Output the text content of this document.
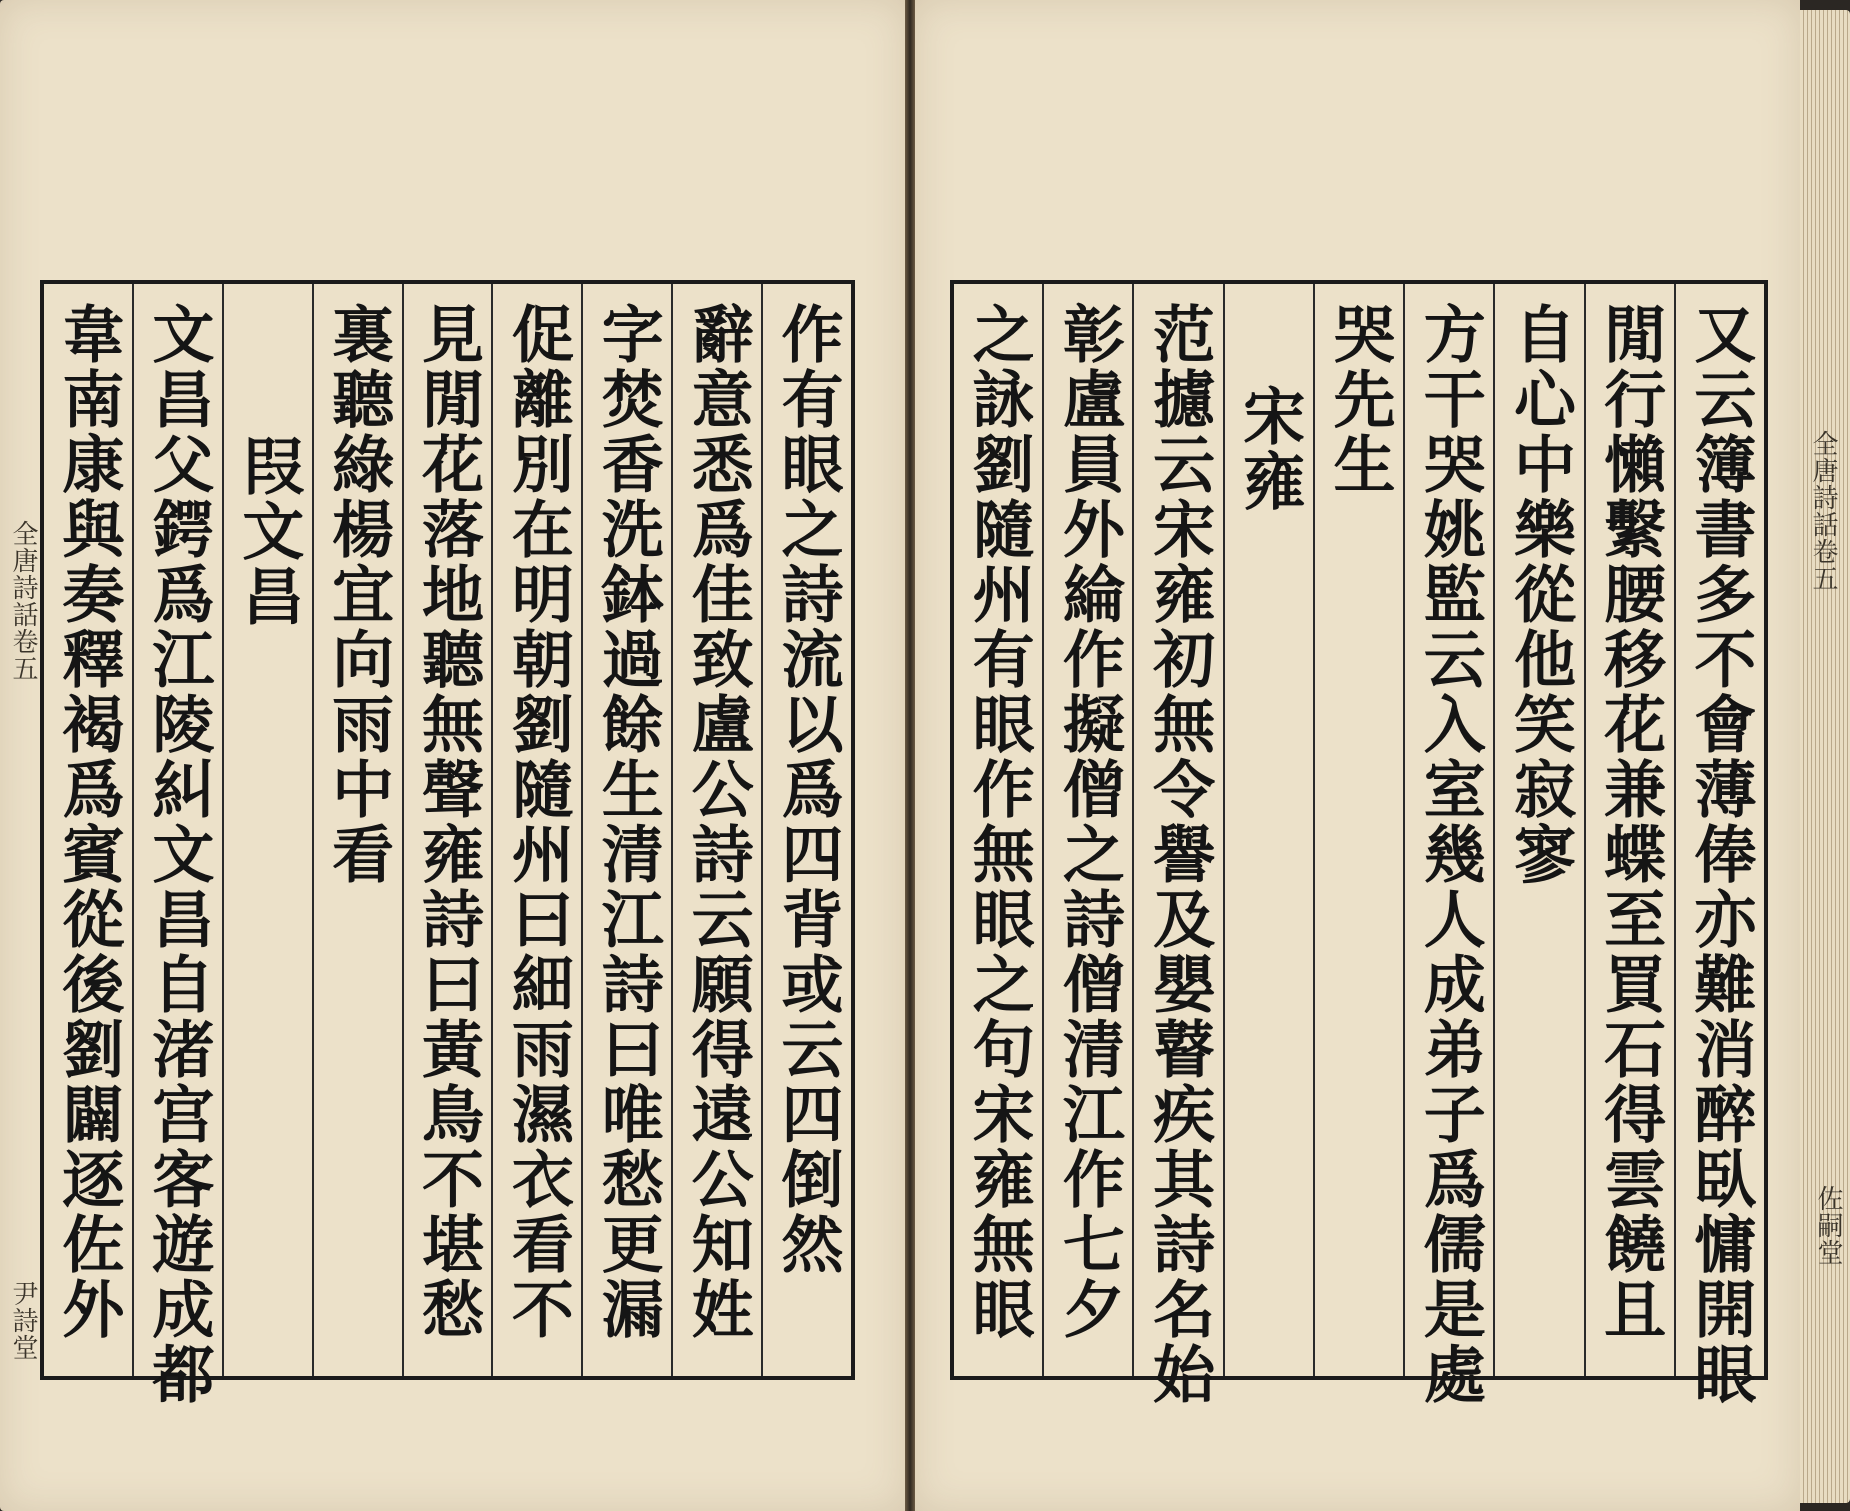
作有眼之詩流以爲四背或云四倒然
辭意悉爲佳致盧公詩云願得遠公知姓
字焚香洗鉢過餘生清江詩曰唯愁更漏
促離別在明朝劉隨州曰細雨濕衣看不
見閒花落地聽無聲雍詩曰黃鳥不堪愁
裏聽綠楊宜向雨中看
叚文昌
文昌父鍔爲江陵糾文昌自渚宫客遊成都
韋南康與奏釋褐爲賓從後劉闢逐佐外
全唐詩話卷五
尹詩堂	又云簿書多不會薄俸亦難消醉臥慵開眼
閒行懶繫腰移花兼蝶至買石得雲饒且
自心中樂從他笑寂寥
方干哭姚監云入室幾人成弟子爲儒是處
哭先生
宋雍
范攄云宋雍初無令譽及嬰瞽疾其詩名始
彰盧員外綸作擬僧之詩僧清江作七夕
之詠劉隨州有眼作無眼之句宋雍無眼	全唐詩話卷五
佐嗣堂
